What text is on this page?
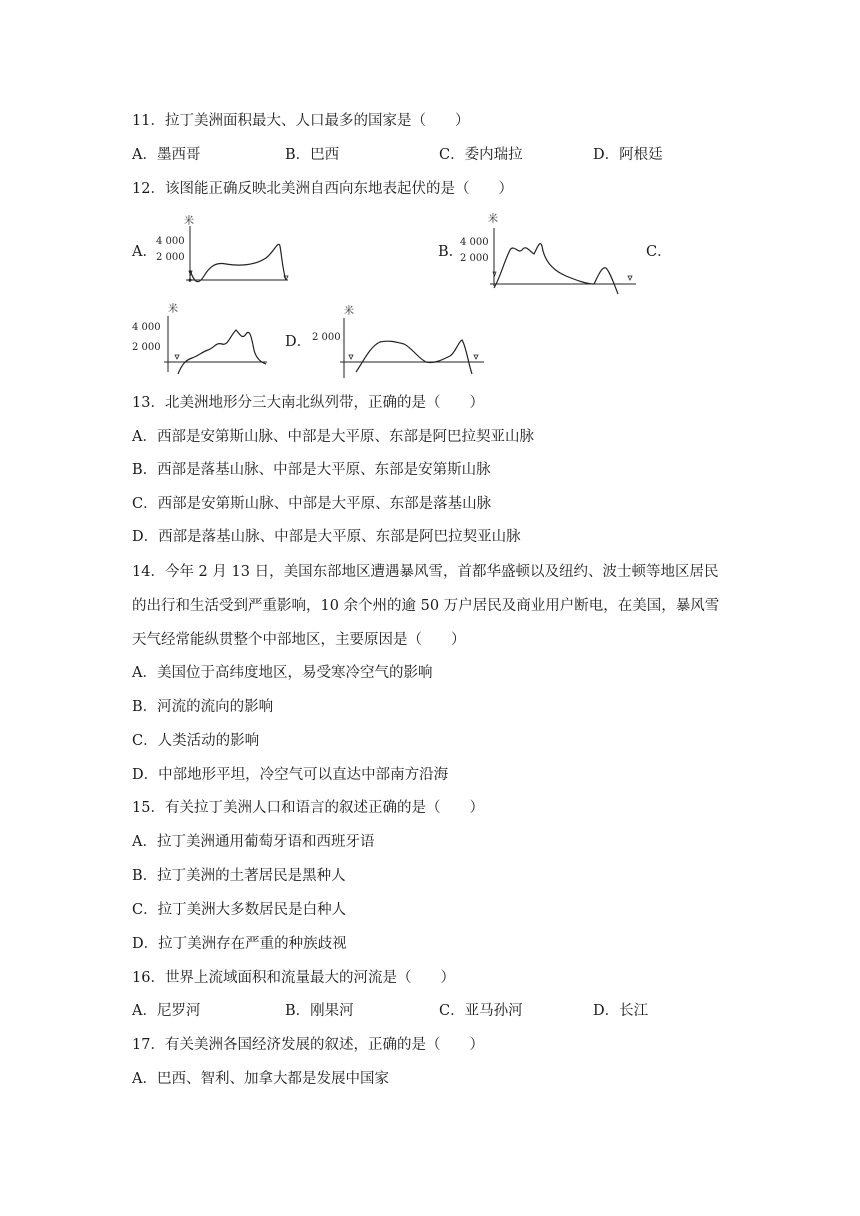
11．拉丁美洲面积最大、人口最多的国家是（　　）
A．墨西哥	B．巴西	C．委内瑞拉	D．阿根廷
12．该图能正确反映北美洲自西向东地表起伏的是（　　）
A．	B．	C．
D．
米
4 000
2 000
米
4 000
2 000
米
4 000
2 000
米
2 000
13．北美洲地形分三大南北纵列带，正确的是（　　）
A．西部是安第斯山脉、中部是大平原、东部是阿巴拉契亚山脉
B．西部是落基山脉、中部是大平原、东部是安第斯山脉
C．西部是安第斯山脉、中部是大平原、东部是落基山脉
D．西部是落基山脉、中部是大平原、东部是阿巴拉契亚山脉
14．今年 2 月 13 日，美国东部地区遭遇暴风雪，首都华盛顿以及纽约、波士顿等地区居民
的出行和生活受到严重影响，10 余个州的逾 50 万户居民及商业用户断电，在美国，暴风雪
天气经常能纵贯整个中部地区，主要原因是（　　）
A．美国位于高纬度地区，易受寒冷空气的影响
B．河流的流向的影响
C．人类活动的影响
D．中部地形平坦，冷空气可以直达中部南方沿海
15．有关拉丁美洲人口和语言的叙述正确的是（　　）
A．拉丁美洲通用葡萄牙语和西班牙语
B．拉丁美洲的土著居民是黑种人
C．拉丁美洲大多数居民是白种人
D．拉丁美洲存在严重的种族歧视
16．世界上流域面积和流量最大的河流是（　　）
A．尼罗河	B．刚果河	C．亚马孙河	D．长江
17．有关美洲各国经济发展的叙述，正确的是（　　）
A．巴西、智利、加拿大都是发展中国家
